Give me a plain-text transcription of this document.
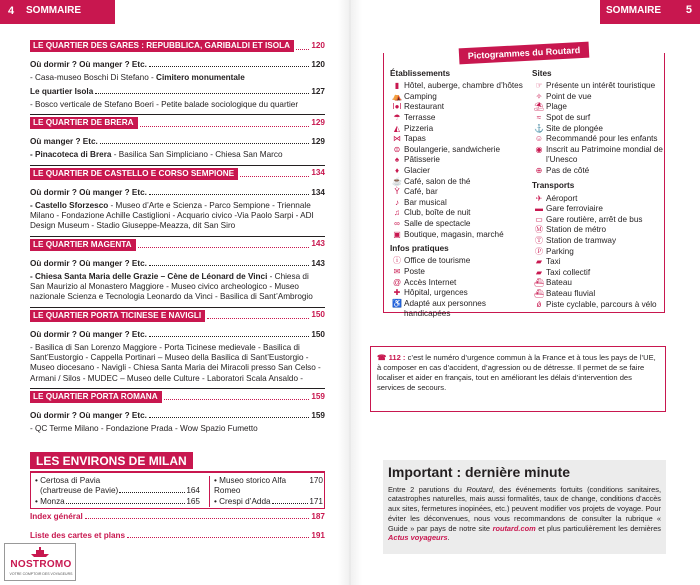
4 SOMMAIRE	SOMMAIRE 5
LE QUARTIER DES GARES : REPUBBLICA, GARIBALDI ET ISOLA	120
Où dormir ? Où manger ? Etc.	120
- Casa-museo Boschi Di Stefano - Cimitero monumentale
Le quartier Isola	127
- Bosco verticale de Stefano Boeri - Petite balade sociologique du quartier
LE QUARTIER DE BRERA	129
Où manger ? Etc.	129
- Pinacoteca di Brera - Basilica San Simpliciano - Chiesa San Marco
LE QUARTIER DE CASTELLO E CORSO SEMPIONE	134
Où dormir ? Où manger ? Etc.	134
- Castello Sforzesco - Museo d’Arte e Scienza - Parco Sempione - Triennale Milano - Fondazione Achille Castiglioni - Acquario civico -Via Paolo Sarpi - ADI Design Museum - Stadio Giuseppe-Meazza, dit San Siro
LE QUARTIER MAGENTA	143
Où dormir ? Où manger ? Etc.	143
- Chiesa Santa Maria delle Grazie – Cène de Léonard de Vinci - Chiesa di San Maurizio al Monastero Maggiore - Museo civico archeologico - Museo nazionale Scienza e Tecnologia Leonardo da Vinci - Basilica di Sant’Ambrogio
LE QUARTIER PORTA TICINESE E NAVIGLI	150
Où dormir ? Où manger ? Etc.	150
- Basilica di San Lorenzo Maggiore - Porta Ticinese medievale - Basilica di Sant’Eustorgio - Cappella Portinari – Museo della Basilica di Sant’Eustorgio - Museo diocesano - Navigli - Chiesa Santa Maria dei Miracoli presso San Celso - Armani / Silos - MUDEC – Museo delle Culture - Laboratori Scala Ansaldo -
LE QUARTIER PORTA ROMANA	159
Où dormir ? Où manger ? Etc.	159
- QC Terme Milano - Fondazione Prada - Wow Spazio Fumetto
LES ENVIRONS DE MILAN
• Certosa di Pavia
(chartreuse de Pavie)	164
• Monza	165
• Museo storico Alfa Romeo
170
• Crespi d’Adda	171
Index général	187
Liste des cartes et plans	191
NOSTROMO
VOTRE COMPTOIR DES VOYAGEURS
Établissements
▮ Hôtel, auberge, chambre d’hôtes
⛺ Camping
ǀ●ǀ Restaurant
☂ Terrasse
◭ Pizzeria
⋈ Tapas
⊜ Boulangerie, sandwicherie
♠ Pâtisserie
♦ Glacier
☕ Café, salon de thé
Ỳ Café, bar
♪ Bar musical
♫ Club, boîte de nuit
∞ Salle de spectacle
▣ Boutique, magasin, marché
Infos pratiques
ⓘ Office de tourisme
✉ Poste
@ Accès Internet
✚ Hôpital, urgences
♿ Adapté aux personnes handicapées
Sites
☞ Présente un intérêt touristique
✧ Point de vue
⛱ Plage
≈ Spot de surf
⚓ Site de plongée
☺ Recommandé pour les enfants
◉ Inscrit au Patrimoine mondial de l’Unesco
⊕ Pas de côté
Transports
✈ Aéroport
▬ Gare ferroviaire
▭ Gare routière, arrêt de bus
Ⓜ Station de métro
Ⓣ Station de tramway
Ⓟ Parking
▰ Taxi
▰ Taxi collectif
⛴ Bateau
⛴ Bateau fluvial
ǿ Piste cyclable, parcours à vélo
Pictogrammes du Routard
☎ 112 : c’est le numéro d’urgence commun à la France et à tous les pays de l’UE, à composer en cas d’accident, d’agression ou de détresse. Il permet de se faire localiser et aider en français, tout en améliorant les délais d’intervention des services de secours.
Important : dernière minute

Entre 2 parutions du Routard, des événements fortuits (conditions sanitaires, catastrophes naturelles, mais aussi formalités, taux de change, conditions d’accès aux sites, fermetures inopinées, etc.) peuvent modifier vos projets de voyage. Pour éviter les déconvenues, nous vous recommandons de consulter la rubrique « Guide » par pays de notre site routard.com et plus particulièrement les dernières Actus voyageurs.
